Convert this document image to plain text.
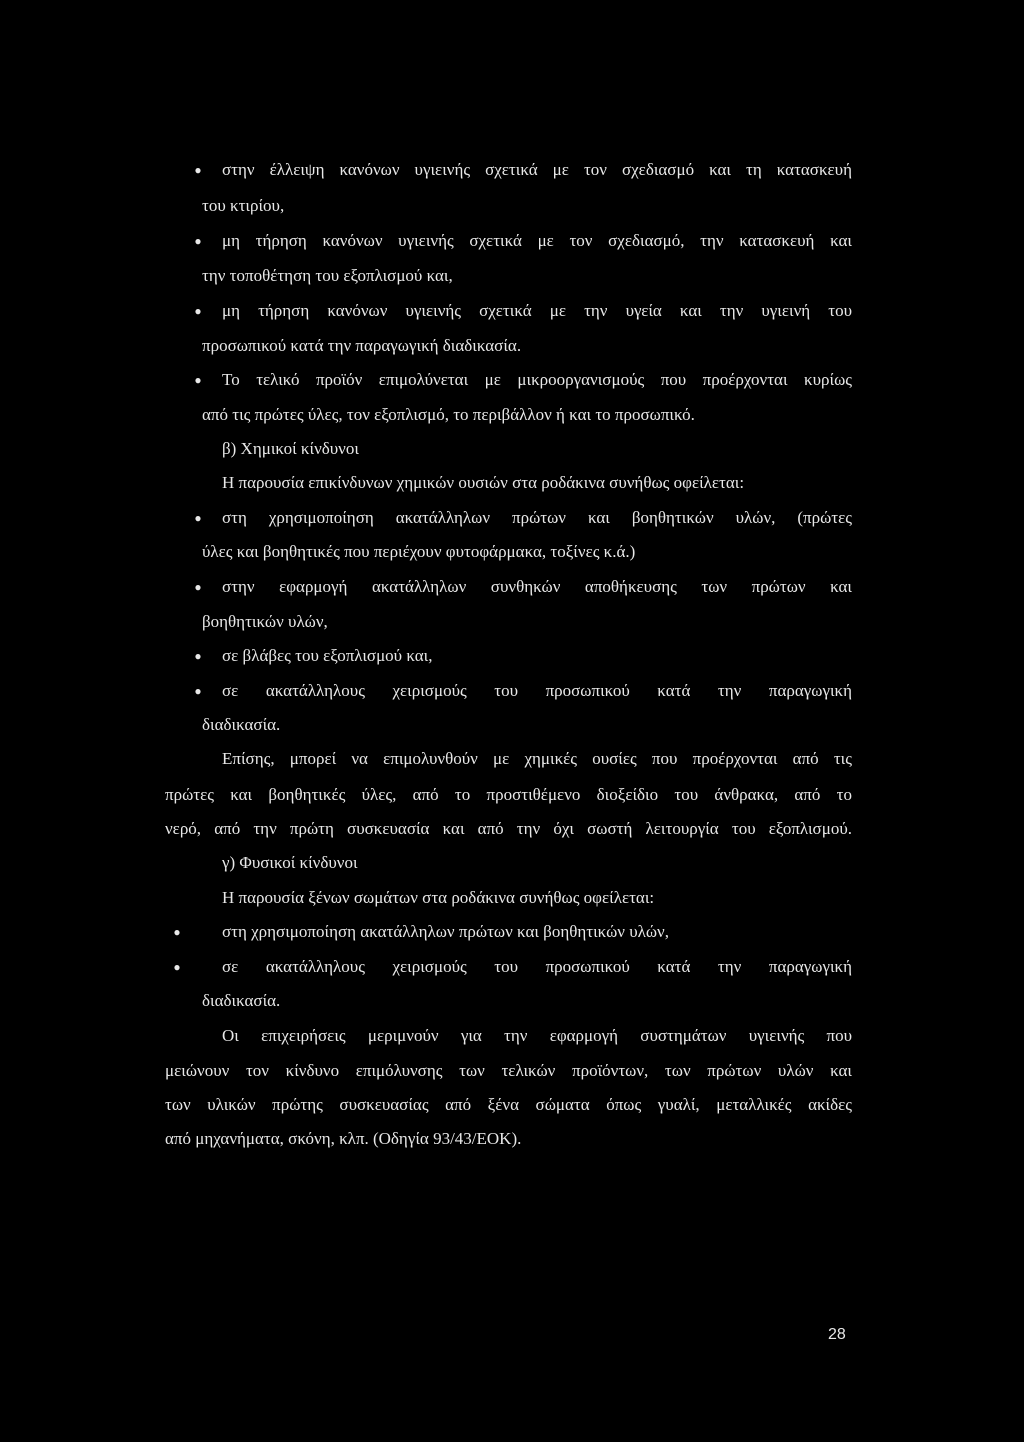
● στην έλλειψη κανόνων υγιεινής σχετικά με τον σχεδιασμό και τη κατασκευή
του κτιρίου,
● μη τήρηση κανόνων υγιεινής σχετικά με τον σχεδιασμό, την κατασκευή και
την τοποθέτηση του εξοπλισμού και,
● μη τήρηση κανόνων υγιεινής σχετικά με την υγεία και την υγιεινή του
προσωπικού κατά την παραγωγική διαδικασία.
● Το τελικό προϊόν επιμολύνεται με μικροοργανισμούς που προέρχονται κυρίως
από τις πρώτες ύλες, τον εξοπλισμό, το περιβάλλον ή και το προσωπικό.
β) Χημικοί κίνδυνοι
Η παρουσία επικίνδυνων χημικών ουσιών στα ροδάκινα συνήθως οφείλεται:
● στη χρησιμοποίηση ακατάλληλων πρώτων και βοηθητικών υλών, (πρώτες
ύλες και βοηθητικές που περιέχουν φυτοφάρμακα, τοξίνες κ.ά.)
● στην εφαρμογή ακατάλληλων συνθηκών αποθήκευσης των πρώτων και
βοηθητικών υλών,
● σε βλάβες του εξοπλισμού και,
● σε ακατάλληλους χειρισμούς του προσωπικού κατά την παραγωγική
διαδικασία.
Επίσης, μπορεί να επιμολυνθούν με χημικές ουσίες που προέρχονται από τις
πρώτες και βοηθητικές ύλες, από το προστιθέμενο διοξείδιο του άνθρακα, από το
νερό, από την πρώτη συσκευασία και από την όχι σωστή λειτουργία του εξοπλισμού.
γ) Φυσικοί κίνδυνοι
Η παρουσία ξένων σωμάτων στα ροδάκινα συνήθως οφείλεται:
● στη χρησιμοποίηση ακατάλληλων πρώτων και βοηθητικών υλών,
● σε ακατάλληλους χειρισμούς του προσωπικού κατά την παραγωγική
διαδικασία.
Οι επιχειρήσεις μεριμνούν για την εφαρμογή συστημάτων υγιεινής που
μειώνουν τον κίνδυνο επιμόλυνσης των τελικών προϊόντων, των πρώτων υλών και
των υλικών πρώτης συσκευασίας από ξένα σώματα όπως γυαλί, μεταλλικές ακίδες
από μηχανήματα, σκόνη, κλπ. (Οδηγία 93/43/ΕΟΚ).
28
